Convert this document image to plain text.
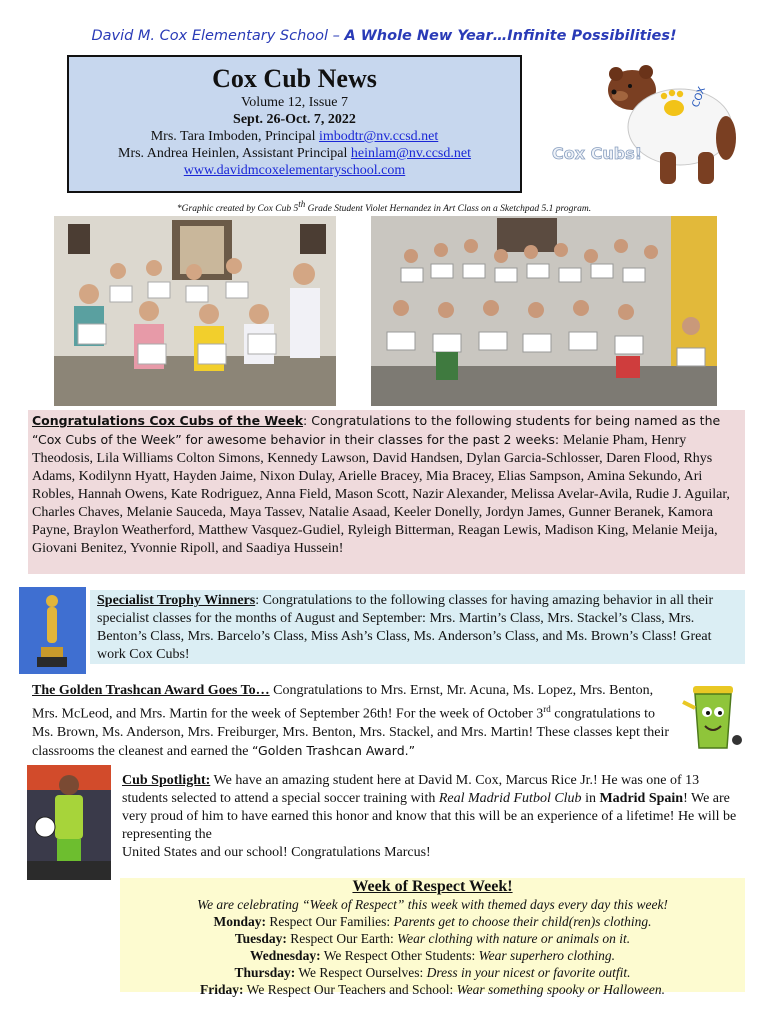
David M. Cox Elementary School – A Whole New Year…Infinite Possibilities!
Cox Cub News
Volume 12, Issue 7
Sept. 26-Oct. 7, 2022
Mrs. Tara Imboden, Principal imbodtr@nv.ccsd.net
Mrs. Andrea Heinlen, Assistant Principal heinlam@nv.ccsd.net
www.davidmcoxelementaryschool.com
COX
Cox Cubs!
*Graphic created by Cox Cub 5th Grade Student Violet Hernandez in Art Class on a Sketchpad 5.1 program.
Congratulations Cox Cubs of the Week: Congratulations to the following students for being named as the “Cox Cubs of the Week” for awesome behavior in their classes for the past 2 weeks: Melanie Pham, Henry Theodosis, Lila Williams Colton Simons, Kennedy Lawson, David Handsen, Dylan Garcia-Schlosser, Daren Flood, Rhys Adams, Kodilynn Hyatt, Hayden Jaime, Nixon Dulay, Arielle Bracey, Mia Bracey, Elias Sampson, Amina Sekundo, Ari Robles, Hannah Owens, Kate Rodriguez, Anna Field, Mason Scott, Nazir Alexander, Melissa Avelar-Avila, Rudie J. Aguilar, Charles Chaves, Melanie Sauceda, Maya Tassev, Natalie Asaad, Keeler Donelly, Jordyn James, Gunner Beranek, Kamora Payne, Braylon Weatherford, Matthew Vasquez-Gudiel, Ryleigh Bitterman, Reagan Lewis, Madison King, Melanie Meija, Giovani Benitez, Yvonnie Ripoll, and Saadiya Hussein!
Specialist Trophy Winners: Congratulations to the following classes for having amazing behavior in all their specialist classes for the months of August and September: Mrs. Martin’s Class, Mrs. Stackel’s Class, Mrs. Benton’s Class, Mrs. Barcelo’s Class, Miss Ash’s Class, Ms. Anderson’s Class, and Ms. Brown’s Class! Great work Cox Cubs!
The Golden Trashcan Award Goes To… Congratulations to Mrs. Ernst, Mr. Acuna, Ms. Lopez, Mrs. Benton, Mrs. McLeod, and Mrs. Martin for the week of September 26th! For the week of October 3rd congratulations to Ms. Brown, Ms. Anderson, Mrs. Freiburger, Mrs. Benton, Mrs. Stackel, and Mrs. Martin! These classes kept their classrooms the cleanest and earned the “Golden Trashcan Award.”
Cub Spotlight: We have an amazing student here at David M. Cox, Marcus Rice Jr.! He was one of 13 students selected to attend a special soccer training with Real Madrid Futbol Club in Madrid Spain! We are very proud of him to have earned this honor and know that this will be an experience of a lifetime! He will be representing the
United States and our school! Congratulations Marcus!
Week of Respect Week!
We are celebrating “Week of Respect” this week with themed days every day this week!
Monday: Respect Our Families: Parents get to choose their child(ren)s clothing.
Tuesday: Respect Our Earth: Wear clothing with nature or animals on it.
Wednesday: We Respect Other Students: Wear superhero clothing.
Thursday: We Respect Ourselves: Dress in your nicest or favorite outfit.
Friday: We Respect Our Teachers and School: Wear something spooky or Halloween.
